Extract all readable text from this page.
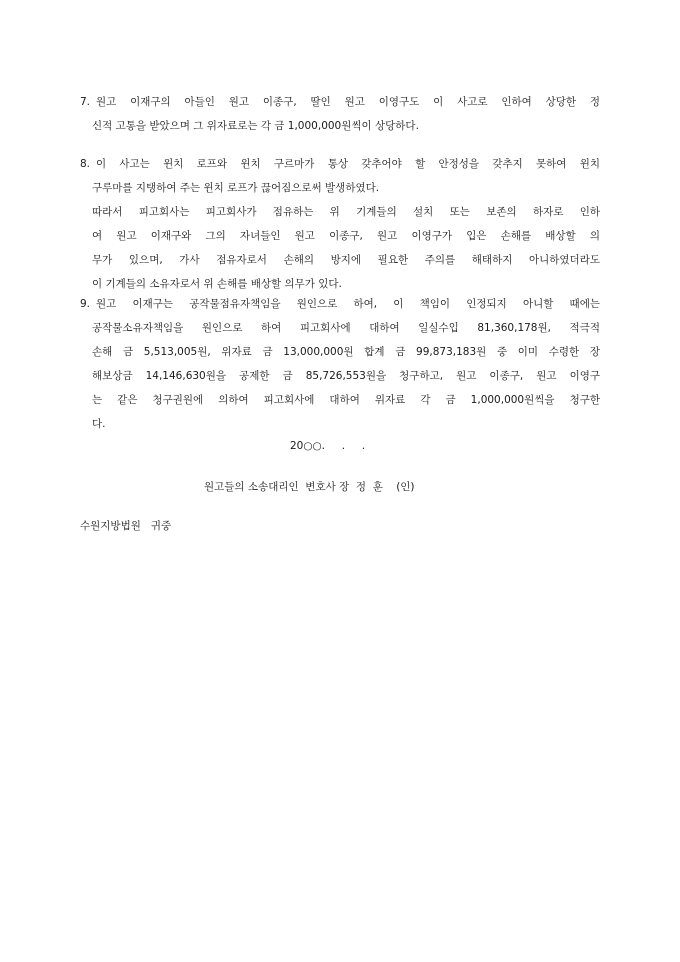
7. 원고 이재구의 아들인 원고 이종구, 딸인 원고 이영구도 이 사고로 인하여 상당한 정
신적 고통을 받았으며 그 위자료로는 각 금 1,000,000원씩이 상당하다.
8. 이 사고는 윈치 로프와 윈치 구르마가 통상 갖추어야 할 안정성을 갖추지 못하여 윈치
구루마를 지탱하여 주는 윈치 로프가 끊어짐으로써 발생하였다.
따라서 피고회사는 피고회사가 점유하는 위 기계들의 설치 또는 보존의 하자로 인하
여 원고 이재구와 그의 자녀들인 원고 이종구, 원고 이영구가 입은 손해를 배상할 의
무가 있으며, 가사 점유자로서 손해의 방지에 필요한 주의를 해태하지 아니하였더라도
이 기계들의 소유자로서 위 손해를 배상할 의무가 있다.
9. 원고 이재구는 공작물점유자책임을 원인으로 하여, 이 책임이 인정되지 아니할 때에는
공작물소유자책임을 원인으로 하여 피고회사에 대하여 일실수입 81,360,178원, 적극적
손해 금 5,513,005원, 위자료 금 13,000,000원 합계 금 99,873,183원 중 이미 수령한 장
해보상금 14,146,630원을 공제한 금 85,726,553원을 청구하고, 원고 이종구, 원고 이영구
는 같은 청구권원에 의하여 피고회사에 대하여 위자료 각 금 1,000,000원씩을 청구한
다.
20○○.     .     .
원고들의 소송대리인  변호사 장  정  훈    (인)
수원지방법원   귀중
